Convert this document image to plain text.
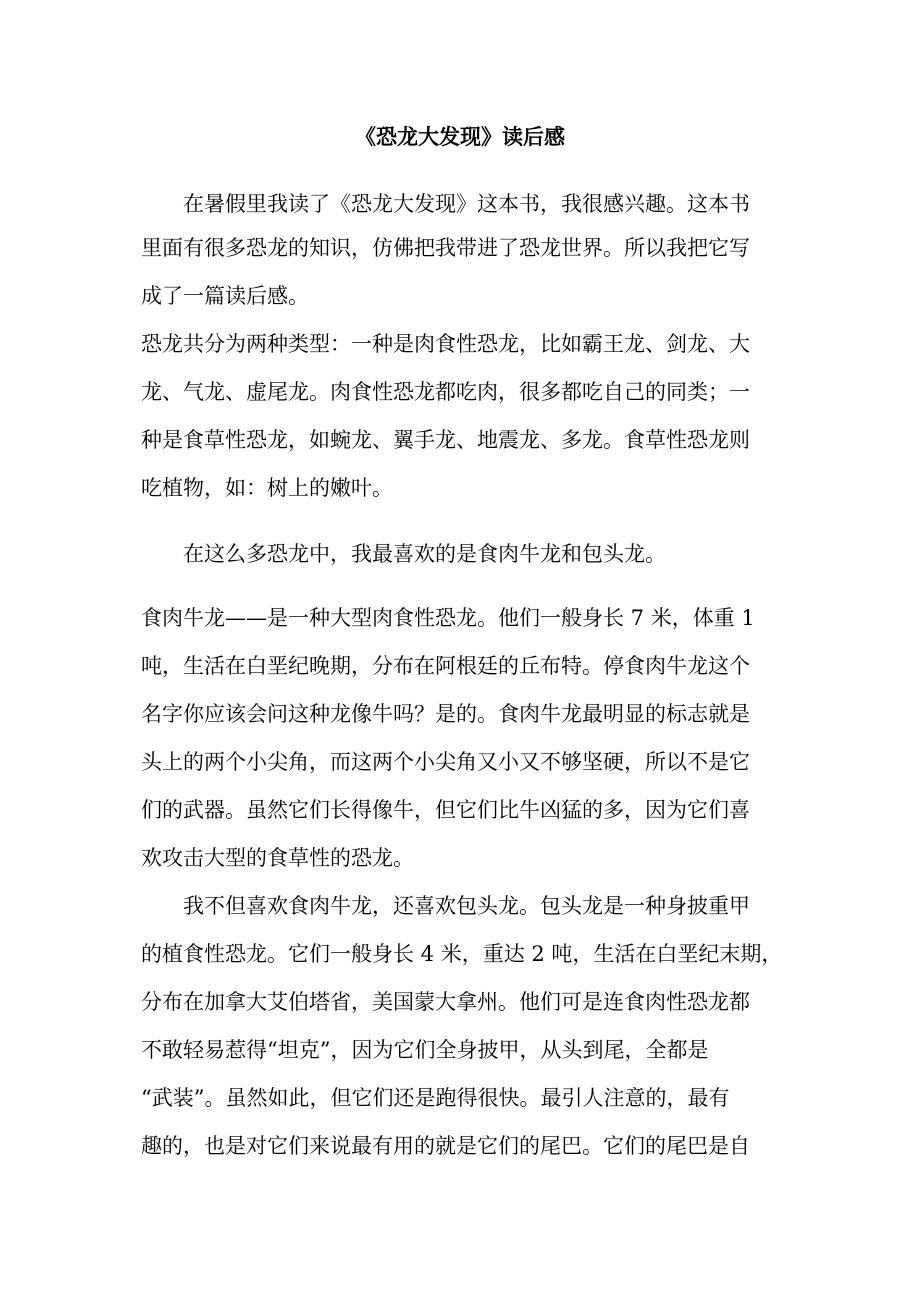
《恐龙大发现》读后感
在暑假里我读了《恐龙大发现》这本书，我很感兴趣。这本书
里面有很多恐龙的知识，仿佛把我带进了恐龙世界。所以我把它写
成了一篇读后感。
恐龙共分为两种类型：一种是肉食性恐龙，比如霸王龙、剑龙、大
龙、气龙、虚尾龙。肉食性恐龙都吃肉，很多都吃自己的同类；一
种是食草性恐龙，如蜿龙、翼手龙、地震龙、多龙。食草性恐龙则
吃植物，如：树上的嫩叶。
在这么多恐龙中，我最喜欢的是食肉牛龙和包头龙。
食肉牛龙——是一种大型肉食性恐龙。他们一般身长 7 米，体重 1
吨，生活在白垩纪晚期，分布在阿根廷的丘布特。停食肉牛龙这个
名字你应该会问这种龙像牛吗？是的。食肉牛龙最明显的标志就是
头上的两个小尖角，而这两个小尖角又小又不够坚硬，所以不是它
们的武器。虽然它们长得像牛，但它们比牛凶猛的多，因为它们喜
欢攻击大型的食草性的恐龙。
我不但喜欢食肉牛龙，还喜欢包头龙。包头龙是一种身披重甲
的植食性恐龙。它们一般身长 4 米，重达 2 吨，生活在白垩纪末期，
分布在加拿大艾伯塔省，美国蒙大拿州。他们可是连食肉性恐龙都
不敢轻易惹得“坦克”，因为它们全身披甲，从头到尾，全都是
“武装”。虽然如此，但它们还是跑得很快。最引人注意的，最有
趣的，也是对它们来说最有用的就是它们的尾巴。它们的尾巴是自
